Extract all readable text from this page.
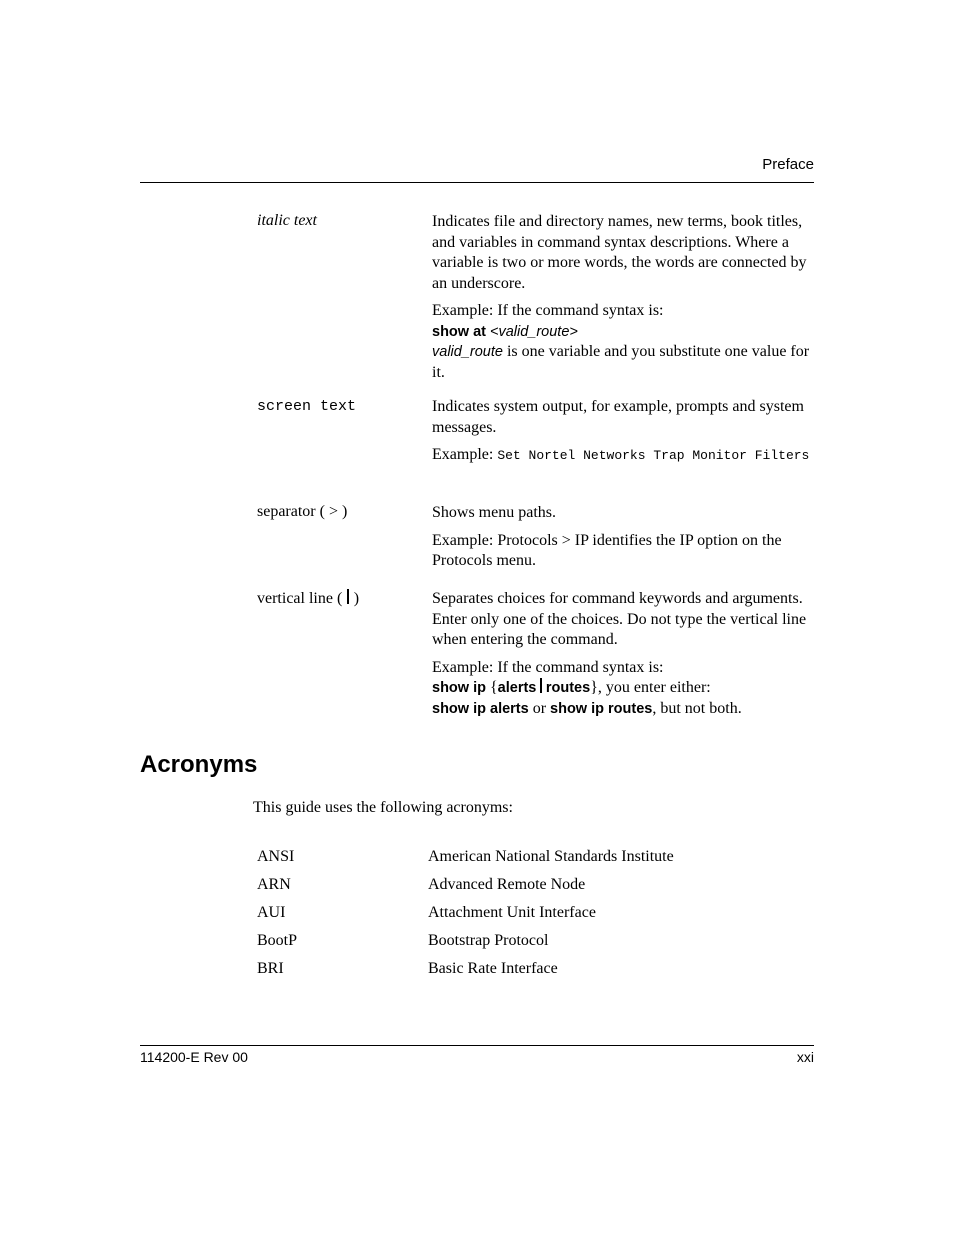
Preface
italic text	Indicates file and directory names, new terms, book titles, and variables in command syntax descriptions. Where a variable is two or more words, the words are connected by an underscore.

Example: If the command syntax is:

show at <valid_route>

valid_route is one variable and you substitute one value for it.

screen text	Indicates system output, for example, prompts and system messages.

Example: Set Nortel Networks Trap Monitor Filters

separator ( > )	Shows menu paths.

Example: Protocols > IP identifies the IP option on the Protocols menu.

vertical line (  )	Separates choices for command keywords and arguments. Enter only one of the choices. Do not type the vertical line when entering the command.

Example: If the command syntax is:

show ip {alerts routes}, you enter either:

show ip alerts or show ip routes, but not both.

Acronyms
This guide uses the following acronyms:
ANSI	American National Standards Institute
ARN	Advanced Remote Node
AUI	Attachment Unit Interface
BootP	Bootstrap Protocol
BRI	Basic Rate Interface
114200-E Rev 00	xxi
